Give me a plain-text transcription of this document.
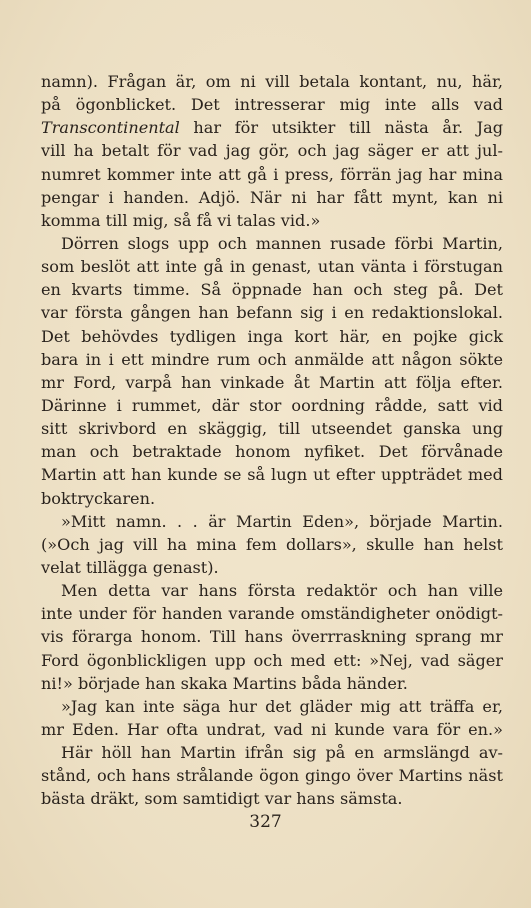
namn). Frågan är, om ni vill betala kontant, nu, här,
på ögonblicket. Det intresserar mig inte alls vad
Transcontinental har för utsikter till nästa år. Jag
vill ha betalt för vad jag gör, och jag säger er att jul-
numret kommer inte att gå i press, förrän jag har mina
pengar i handen. Adjö. När ni har fått mynt, kan ni
komma till mig, så få vi talas vid.»
Dörren slogs upp och mannen rusade förbi Martin,
som beslöt att inte gå in genast, utan vänta i förstugan
en kvarts timme. Så öppnade han och steg på. Det
var första gången han befann sig i en redaktionslokal.
Det behövdes tydligen inga kort här, en pojke gick
bara in i ett mindre rum och anmälde att någon sökte
mr Ford, varpå han vinkade åt Martin att följa efter.
Därinne i rummet, där stor oordning rådde, satt vid
sitt skrivbord en skäggig, till utseendet ganska ung
man och betraktade honom nyfiket. Det förvånade
Martin att han kunde se så lugn ut efter uppträdet med
boktryckaren.
»Mitt namn. . . är Martin Eden», började Martin.
(»Och jag vill ha mina fem dollars», skulle han helst
velat tillägga genast).
Men detta var hans första redaktör och han ville
inte under för handen varande omständigheter onödigt-
vis förarga honom. Till hans överrraskning sprang mr
Ford ögonblickligen upp och med ett: »Nej, vad säger
ni!» började han skaka Martins båda händer.
»Jag kan inte säga hur det gläder mig att träffa er,
mr Eden. Har ofta undrat, vad ni kunde vara för en.»
Här höll han Martin ifrån sig på en armslängd av-
stånd, och hans strålande ögon gingo över Martins näst
bästa dräkt, som samtidigt var hans sämsta.
327
